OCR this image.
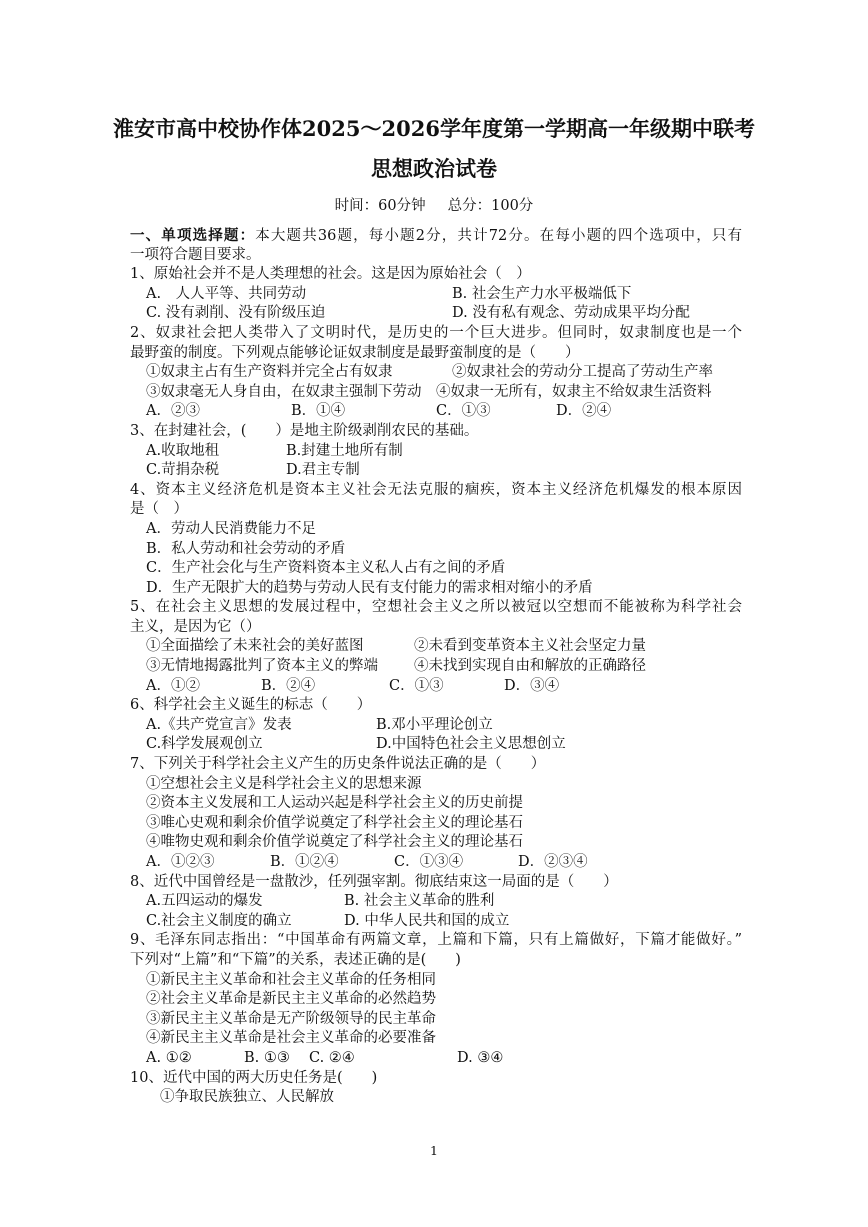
淮安市高中校协作体2025～2026学年度第一学期高一年级期中联考
思想政治试卷
时间：60分钟 总分：100分
一、单项选择题：本大题共36题，每小题2分，共计72分。在每小题的四个选项中，只有
一项符合题目要求。
1、原始社会并不是人类理想的社会。这是因为原始社会（　）
A.　人人平等、共同劳动	B. 社会生产力水平极端低下
C. 没有剥削、没有阶级压迫	D. 没有私有观念、劳动成果平均分配
2、奴隶社会把人类带入了文明时代，是历史的一个巨大进步。但同时，奴隶制度也是一个
最野蛮的制度。下列观点能够论证奴隶制度是最野蛮制度的是（　　）
①奴隶主占有生产资料并完全占有奴隶	②奴隶社会的劳动分工提高了劳动生产率
③奴隶毫无人身自由，在奴隶主强制下劳动	④奴隶一无所有，奴隶主不给奴隶生活资料
A．②③	B．①④	C．①③	D．②④
3、在封建社会，(　　）是地主阶级剥削农民的基础。
A.收取地租	B.封建土地所有制
C.苛捐杂税	D.君主专制
4、资本主义经济危机是资本主义社会无法克服的痼疾，资本主义经济危机爆发的根本原因
是（　）
A．劳动人民消费能力不足
B．私人劳动和社会劳动的矛盾
C．生产社会化与生产资料资本主义私人占有之间的矛盾
D．生产无限扩大的趋势与劳动人民有支付能力的需求相对缩小的矛盾
5、在社会主义思想的发展过程中，空想社会主义之所以被冠以空想而不能被称为科学社会
主义，是因为它（）
①全面描绘了未来社会的美好蓝图	②未看到变革资本主义社会坚定力量
③无情地揭露批判了资本主义的弊端	④未找到实现自由和解放的正确路径
A．①②	B．②④	C．①③	D．③④
6、科学社会主义诞生的标志（　　）
A.《共产党宣言》发表	B.邓小平理论创立
C.科学发展观创立	D.中国特色社会主义思想创立
7、下列关于科学社会主义产生的历史条件说法正确的是（　　）
①空想社会主义是科学社会主义的思想来源
②资本主义发展和工人运动兴起是科学社会主义的历史前提
③唯心史观和剩余价值学说奠定了科学社会主义的理论基石
④唯物史观和剩余价值学说奠定了科学社会主义的理论基石
A．①②③	B．①②④	C．①③④	D．②③④
8、近代中国曾经是一盘散沙，任列强宰割。彻底结束这一局面的是（　　）
A.五四运动的爆发	B. 社会主义革命的胜利
C.社会主义制度的确立	D. 中华人民共和国的成立
9、毛泽东同志指出：“中国革命有两篇文章，上篇和下篇，只有上篇做好，下篇才能做好。”
下列对“上篇”和“下篇”的关系，表述正确的是(　　)
①新民主主义革命和社会主义革命的任务相同
②社会主义革命是新民主主义革命的必然趋势
③新民主主义革命是无产阶级领导的民主革命
④新民主主义革命是社会主义革命的必要准备
A. ①②	B. ①③	C. ②④	D. ③④
10、近代中国的两大历史任务是(　　)
①争取民族独立、人民解放
1
